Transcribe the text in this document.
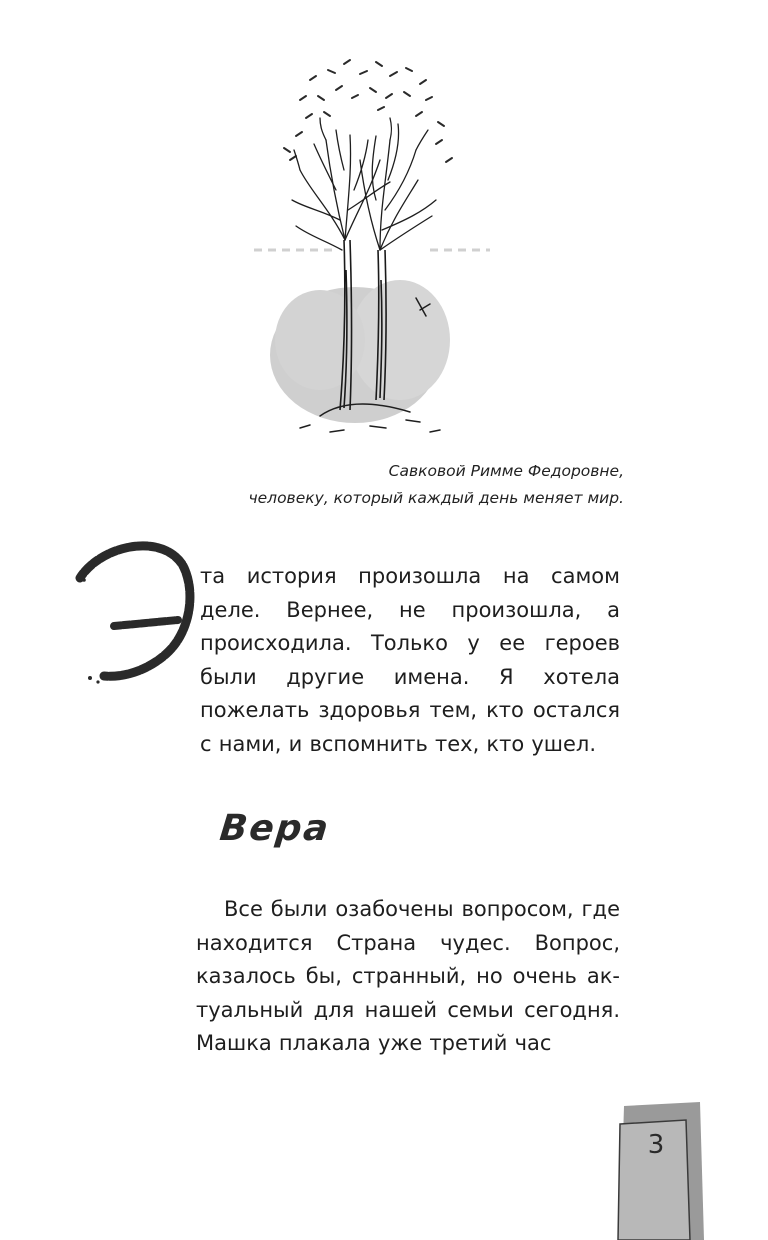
Савковой Римме Федоровне,
человеку, который каждый день меняет мир.
та история произошла на самом деле. Вернее, не произошла, а происходила. Только у ее героев были другие имена. Я хотела пожелать здоровья тем, кто остался с нами, и вспомнить тех, кто ушел.
Вера
Все были озабочены вопросом, где находится Страна чудес. Вопрос, казалось бы, странный, но очень актуальный для нашей семьи сегодня. Машка плакала уже третий час
3
